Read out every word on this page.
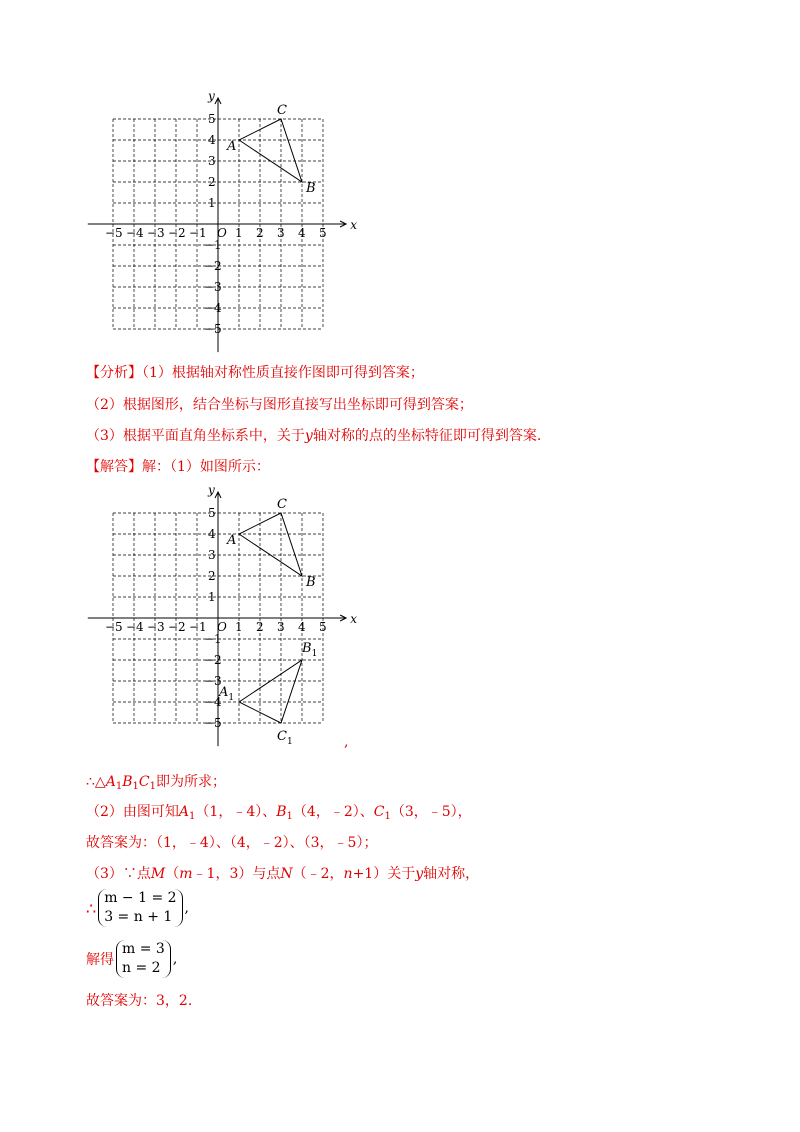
x
y
O
−5 −4 −3 −2 −1 1 2 3 4 5
5
4
3
2
1
−1
−2
−3
−4
−5
A
B
C
【分析】（1）根据轴对称性质直接作图即可得到答案；
（2）根据图形，结合坐标与图形直接写出坐标即可得到答案；
（3）根据平面直角坐标系中，关于y轴对称的点的坐标特征即可得到答案.
【解答】解：（1）如图所示：
x
y
O
−5 −4 −3 −2 −1 1 2 3 4 5
5
4
3
2
1
−1
−2
−3
−4
−5
A
B
C
$A_1$
$B_1$
$C_1$	,
$\therefore\triangle A_1B_1C_1$即为所求；
（2）由图可知$A_1(1$，﹣4）、$B_1(4$，﹣2）、$C_1(3$，﹣5），
故答案为：（1，﹣4）、（4，﹣2）、（3，﹣5）；
（3）∵点M（m﹣1，3）与点N（﹣2，n+1）关于y轴对称，
∴
m − 1 = 2
3 = n + 1
,
解得
m = 3
n = 2
,
故答案为：3，2.
